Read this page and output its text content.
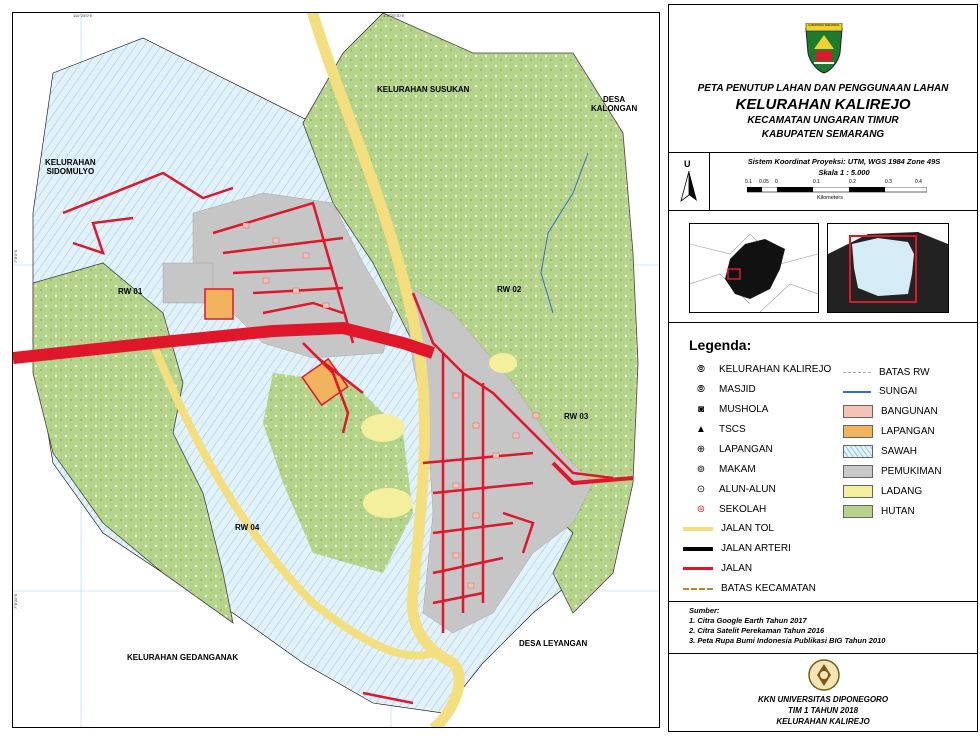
KELURAHAN SUSUKAN
DESA
KALONGAN
KELURAHAN
SIDOMULYO
RW 01	RW 02
RW 03
RW 04
KELURAHAN GEDANGANAK
DESA LEYANGAN
110°25'0"E	110°25'30"E
7°8'0"S
7°8'30"S
KABUPATEN SEMARANG
PETA PENUTUP LAHAN DAN PENGGUNAAN LAHAN
KELURAHAN KALIREJO
KECAMATAN UNGARAN TIMUR
KABUPATEN SEMARANG
U	Sistem Koordinat Proyeksi: UTM, WGS 1984 Zone 49S
Skala 1 : 5.000
0.1 0.05 0	0.1	0.2	0.3	0.4
Kilometers
Legenda:
⦾	KELURAHAN KALIREJO
⦾	MASJID
◙	MUSHOLA
▲	TSCS
⊕	LAPANGAN
⊚	MAKAM
⊙	ALUN-ALUN
⊜	SEKOLAH
JALAN TOL
JALAN ARTERI
JALAN
BATAS KECAMATAN
BATAS RW
SUNGAI
BANGUNAN
LAPANGAN
SAWAH
PEMUKIMAN
LADANG
HUTAN
Sumber:
1. Citra Google Earth Tahun 2017
2. Citra Satelit Perekaman Tahun 2016
3. Peta Rupa Bumi Indonesia Publikasi BIG Tahun 2010
KKN UNIVERSITAS DIPONEGORO
TIM 1 TAHUN 2018
KELURAHAN KALIREJO
